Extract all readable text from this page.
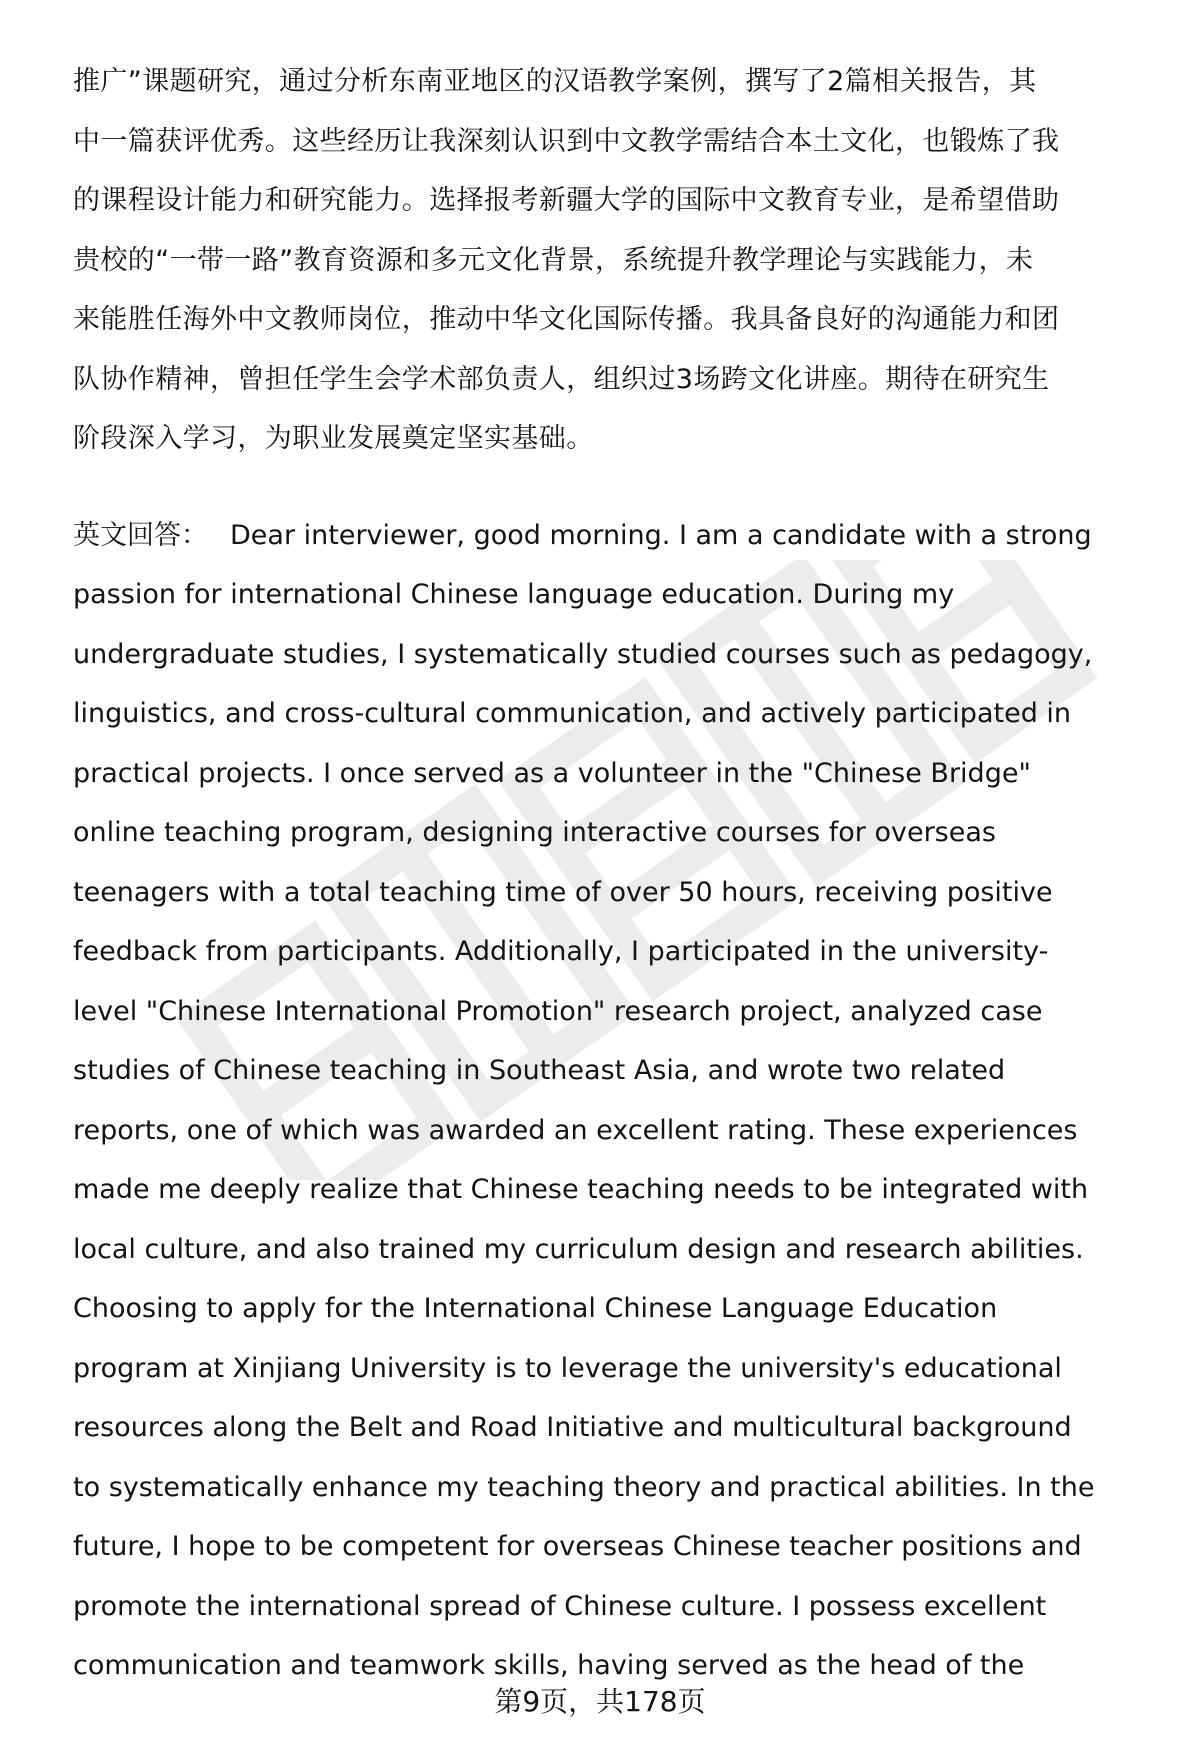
推广”课题研究，通过分析东南亚地区的汉语教学案例，撰写了2篇相关报告，其
中一篇获评优秀。这些经历让我深刻认识到中文教学需结合本土文化，也锻炼了我
的课程设计能力和研究能力。选择报考新疆大学的国际中文教育专业，是希望借助
贵校的“一带一路”教育资源和多元文化背景，系统提升教学理论与实践能力，未
来能胜任海外中文教师岗位，推动中华文化国际传播。我具备良好的沟通能力和团
队协作精神，曾担任学生会学术部负责人，组织过3场跨文化讲座。期待在研究生
阶段深入学习，为职业发展奠定坚实基础。
英文回答： Dear interviewer, good morning. I am a candidate with a strong
passion for international Chinese language education. During my
undergraduate studies, I systematically studied courses such as pedagogy,
linguistics, and cross-cultural communication, and actively participated in
practical projects. I once served as a volunteer in the "Chinese Bridge"
online teaching program, designing interactive courses for overseas
teenagers with a total teaching time of over 50 hours, receiving positive
feedback from participants. Additionally, I participated in the university-
level "Chinese International Promotion" research project, analyzed case
studies of Chinese teaching in Southeast Asia, and wrote two related
reports, one of which was awarded an excellent rating. These experiences
made me deeply realize that Chinese teaching needs to be integrated with
local culture, and also trained my curriculum design and research abilities.
Choosing to apply for the International Chinese Language Education
program at Xinjiang University is to leverage the university's educational
resources along the Belt and Road Initiative and multicultural background
to systematically enhance my teaching theory and practical abilities. In the
future, I hope to be competent for overseas Chinese teacher positions and
promote the international spread of Chinese culture. I possess excellent
communication and teamwork skills, having served as the head of the
第9页，共178页
